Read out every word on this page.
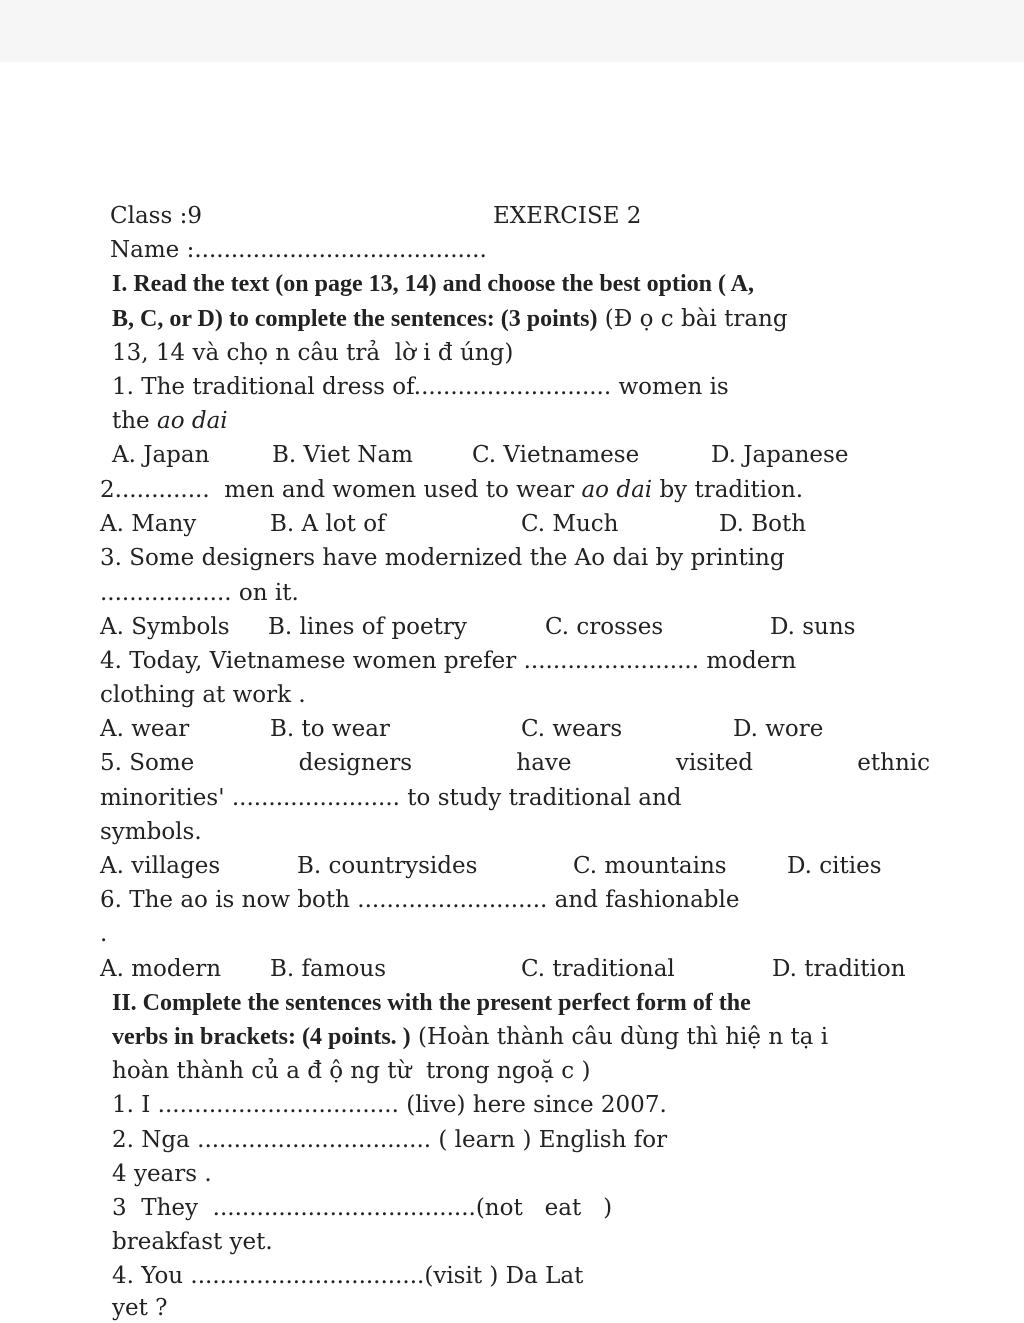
Class :9	EXERCISE 2
Name :........................................
I. Read the text (on page 13, 14) and choose the best option ( A,
B, C, or D) to complete the sentences: (3 points) (Đ ọ c bài trang
13, 14 và chọ n câu trả  lờ i đ úng)
1. The traditional dress of........................... women is
the ao dai
A. Japan	B. Viet Nam	C. Vietnamese	D. Japanese
2.............  men and women used to wear ao dai by tradition.
A. Many	B. A lot of	C. Much	D. Both
3. Some designers have modernized the Ao dai by printing
.................. on it.
A. Symbols B. lines of poetry	C. crosses	D. suns
4. Today, Vietnamese women prefer ........................ modern
clothing at work .
A. wear	B. to wear	C. wears	D. wore
5. Some	designers	have	visited	ethnic
minorities' ....................... to study traditional and
symbols.
A. villages	B. countrysides	C. mountains	D. cities
6. The ao is now both .......................... and fashionable
.
A. modern B. famous	C. traditional	D. tradition
II. Complete the sentences with the present perfect form of the
verbs in brackets: (4 points. ) (Hoàn thành câu dùng thì hiệ n tạ i
hoàn thành củ a đ ộ ng từ  trong ngoặ c )
1. I ................................. (live) here since 2007.
2. Nga ................................ ( learn ) English for
4 years .
3  They  ....................................(not   eat   )
breakfast yet.
4. You ................................(visit ) Da Lat
yet ?
